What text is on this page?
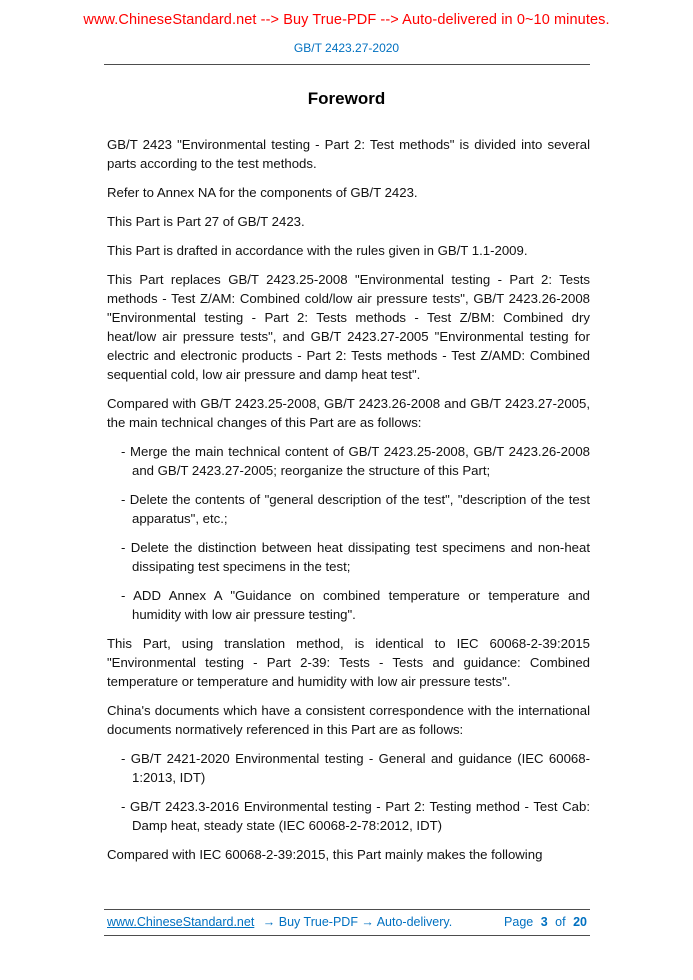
www.ChineseStandard.net --> Buy True-PDF --> Auto-delivered in 0~10 minutes.
GB/T 2423.27-2020
Foreword
GB/T 2423 "Environmental testing - Part 2: Test methods" is divided into several parts according to the test methods.
Refer to Annex NA for the components of GB/T 2423.
This Part is Part 27 of GB/T 2423.
This Part is drafted in accordance with the rules given in GB/T 1.1-2009.
This Part replaces GB/T 2423.25-2008 "Environmental testing - Part 2: Tests methods - Test Z/AM: Combined cold/low air pressure tests", GB/T 2423.26-2008 "Environmental testing - Part 2: Tests methods - Test Z/BM: Combined dry heat/low air pressure tests", and GB/T 2423.27-2005 "Environmental testing for electric and electronic products - Part 2: Tests methods - Test Z/AMD: Combined sequential cold, low air pressure and damp heat test".
Compared with GB/T 2423.25-2008, GB/T 2423.26-2008 and GB/T 2423.27-2005, the main technical changes of this Part are as follows:
- Merge the main technical content of GB/T 2423.25-2008, GB/T 2423.26-2008 and GB/T 2423.27-2005; reorganize the structure of this Part;
- Delete the contents of "general description of the test", "description of the test apparatus", etc.;
- Delete the distinction between heat dissipating test specimens and non-heat dissipating test specimens in the test;
- ADD Annex A "Guidance on combined temperature or temperature and humidity with low air pressure testing".
This Part, using translation method, is identical to IEC 60068-2-39:2015 "Environmental testing - Part 2-39: Tests - Tests and guidance: Combined temperature or temperature and humidity with low air pressure tests".
China's documents which have a consistent correspondence with the international documents normatively referenced in this Part are as follows:
- GB/T 2421-2020 Environmental testing - General and guidance (IEC 60068-1:2013, IDT)
- GB/T 2423.3-2016 Environmental testing - Part 2: Testing method - Test Cab: Damp heat, steady state (IEC 60068-2-78:2012, IDT)
Compared with IEC 60068-2-39:2015, this Part mainly makes the following
www.ChineseStandard.net → Buy True-PDF → Auto-delivery.	Page 3 of 20
